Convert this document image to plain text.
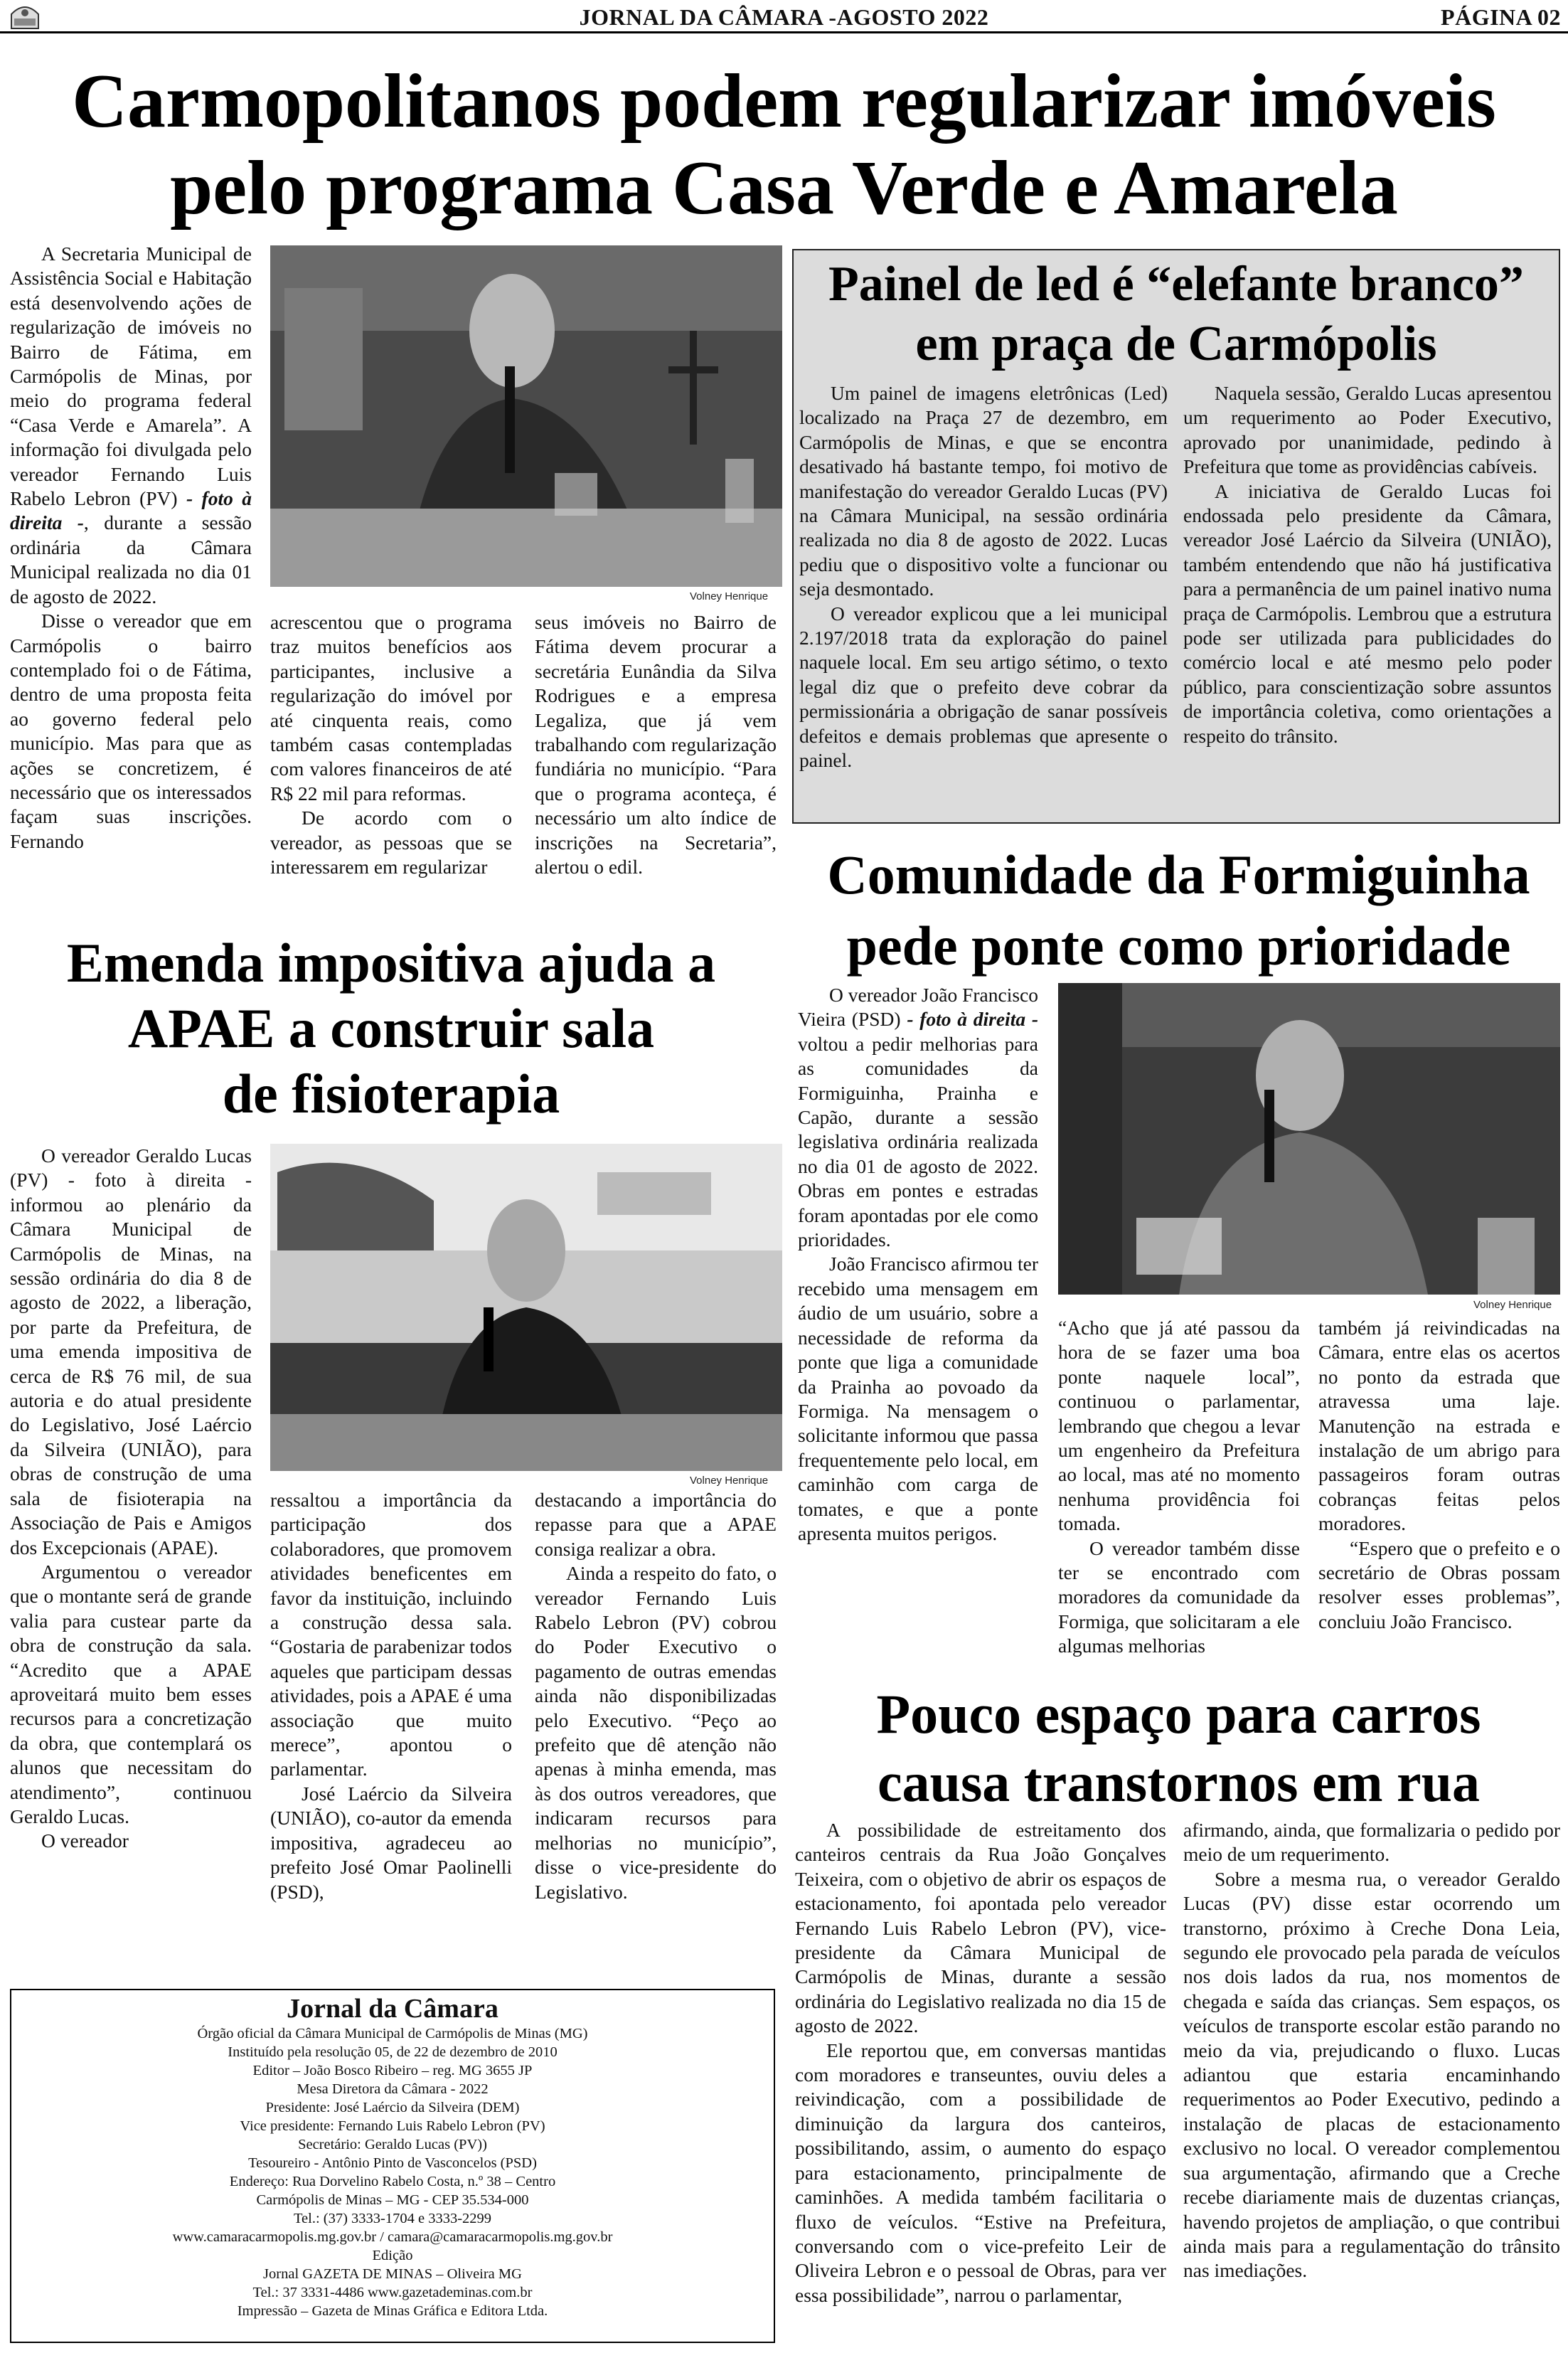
JORNAL DA CÂMARA -AGOSTO 2022	PÁGINA 02
Carmopolitanos podem regularizar imóveis
pelo programa Casa Verde e Amarela

A Secretaria Municipal de Assistência Social e Habitação está desenvolvendo ações de regularização de imóveis no Bairro de Fátima, em Carmópolis de Minas, por meio do programa federal “Casa Verde e Amarela”. A informação foi divulgada pelo vereador Fernando Luis Rabelo Lebron (PV) - foto à direita -, durante a sessão ordinária da Câmara Municipal realizada no dia 01 de agosto de 2022.

Disse o vereador que em Carmópolis o bairro contemplado foi o de Fátima, dentro de uma proposta feita ao governo federal pelo município. Mas para que as ações se concretizem, é necessário que os interessados façam suas inscrições. Fernando

Volney Henrique

acrescentou que o programa traz muitos benefícios aos participantes, inclusive a regularização do imóvel por até cinquenta reais, como também casas contempladas com valores financeiros de até R$ 22 mil para reformas.

De acordo com o vereador, as pessoas que se interessarem em regularizar

seus imóveis no Bairro de Fátima devem procurar a secretária Eunândia da Silva Rodrigues e a empresa Legaliza, que já vem trabalhando com regularização fundiária no município. “Para que o programa aconteça, é necessário um alto índice de inscrições na Secretaria”, alertou o edil.

Painel de led é “elefante branco”
em praça de Carmópolis

Um painel de imagens eletrônicas (Led) localizado na Praça 27 de dezembro, em Carmópolis de Minas, e que se encontra desativado há bastante tempo, foi motivo de manifestação do vereador Geraldo Lucas (PV) na Câmara Municipal, na sessão ordinária realizada no dia 8 de agosto de 2022. Lucas pediu que o dispositivo volte a funcionar ou seja desmontado.

O vereador explicou que a lei municipal 2.197/2018 trata da exploração do painel naquele local. Em seu artigo sétimo, o texto legal diz que o prefeito deve cobrar da permissionária a obrigação de sanar possíveis defeitos e demais problemas que apresente o painel.

Naquela sessão, Geraldo Lucas apresentou um requerimento ao Poder Executivo, aprovado por unanimidade, pedindo à Prefeitura que tome as providências cabíveis.

A iniciativa de Geraldo Lucas foi endossada pelo presidente da Câmara, vereador José Laércio da Silveira (UNIÃO), também entendendo que não há justificativa para a permanência de um painel inativo numa praça de Carmópolis. Lembrou que a estrutura pode ser utilizada para publicidades do comércio local e até mesmo pelo poder público, para conscientização sobre assuntos de importância coletiva, como orientações a respeito do trânsito.

Emenda impositiva ajuda a
APAE a construir sala
de fisioterapia

O vereador Geraldo Lucas (PV) - foto à direita - informou ao plenário da Câmara Municipal de Carmópolis de Minas, na sessão ordinária do dia 8 de agosto de 2022, a liberação, por parte da Prefeitura, de uma emenda impositiva de cerca de R$ 76 mil, de sua autoria e do atual presidente do Legislativo, José Laércio da Silveira (UNIÃO), para obras de construção de uma sala de fisioterapia na Associação de Pais e Amigos dos Excepcionais (APAE).

Argumentou o vereador que o montante será de grande valia para custear parte da obra de construção da sala. “Acredito que a APAE aproveitará muito bem esses recursos para a concretização da obra, que contemplará os alunos que necessitam do atendimento”, continuou Geraldo Lucas.

O vereador

Volney Henrique

ressaltou a importância da participação dos colaboradores, que promovem atividades beneficentes em favor da instituição, incluindo a construção dessa sala. “Gostaria de parabenizar todos aqueles que participam dessas atividades, pois a APAE é uma associação que muito merece”, apontou o parlamentar.

José Laércio da Silveira (UNIÃO), co-autor da emenda impositiva, agradeceu ao prefeito José Omar Paolinelli (PSD),

destacando a importância do repasse para que a APAE consiga realizar a obra.

Ainda a respeito do fato, o vereador Fernando Luis Rabelo Lebron (PV) cobrou do Poder Executivo o pagamento de outras emendas ainda não disponibilizadas pelo Executivo. “Peço ao prefeito que dê atenção não apenas à minha emenda, mas às dos outros vereadores, que indicaram recursos para melhorias no município”, disse o vice-presidente do Legislativo.

Comunidade da Formiguinha
pede ponte como prioridade

O vereador João Francisco Vieira (PSD) - foto à direita - voltou a pedir melhorias para as comunidades da Formiguinha, Prainha e Capão, durante a sessão legislativa ordinária realizada no dia 01 de agosto de 2022. Obras em pontes e estradas foram apontadas por ele como prioridades.

João Francisco afirmou ter recebido uma mensagem em áudio de um usuário, sobre a necessidade de reforma da ponte que liga a comunidade da Prainha ao povoado da Formiga. Na mensagem o solicitante informou que passa frequentemente pelo local, em caminhão com carga de tomates, e que a ponte apresenta muitos perigos.

Volney Henrique

“Acho que já até passou da hora de se fazer uma boa ponte naquele local”, continuou o parlamentar, lembrando que chegou a levar um engenheiro da Prefeitura ao local, mas até no momento nenhuma providência foi tomada.

O vereador também disse ter se encontrado com moradores da comunidade da Formiga, que solicitaram a ele algumas melhorias

também já reivindicadas na Câmara, entre elas os acertos no ponto da estrada que atravessa uma laje. Manutenção na estrada e instalação de um abrigo para passageiros foram outras cobranças feitas pelos moradores.

“Espero que o prefeito e o secretário de Obras possam resolver esses problemas”, concluiu João Francisco.

Pouco espaço para carros
causa transtornos em rua

A possibilidade de estreitamento dos canteiros centrais da Rua João Gonçalves Teixeira, com o objetivo de abrir os espaços de estacionamento, foi apontada pelo vereador Fernando Luis Rabelo Lebron (PV), vice-presidente da Câmara Municipal de Carmópolis de Minas, durante a sessão ordinária do Legislativo realizada no dia 15 de agosto de 2022.

Ele reportou que, em conversas mantidas com moradores e transeuntes, ouviu deles a reivindicação, com a possibilidade de diminuição da largura dos canteiros, possibilitando, assim, o aumento do espaço para estacionamento, principalmente de caminhões. A medida também facilitaria o fluxo de veículos. “Estive na Prefeitura, conversando com o vice-prefeito Leir de Oliveira Lebron e o pessoal de Obras, para ver essa possibilidade”, narrou o parlamentar,

afirmando, ainda, que formalizaria o pedido por meio de um requerimento.

Sobre a mesma rua, o vereador Geraldo Lucas (PV) disse estar ocorrendo um transtorno, próximo à Creche Dona Leia, segundo ele provocado pela parada de veículos nos dois lados da rua, nos momentos de chegada e saída das crianças. Sem espaços, os veículos de transporte escolar estão parando no meio da via, prejudicando o fluxo. Lucas adiantou que estaria encaminhando requerimentos ao Poder Executivo, pedindo a instalação de placas de estacionamento exclusivo no local. O vereador complementou sua argumentação, afirmando que a Creche recebe diariamente mais de duzentas crianças, havendo projetos de ampliação, o que contribui ainda mais para a regulamentação do trânsito nas imediações.

Jornal da Câmara
Órgão oficial da Câmara Municipal de Carmópolis de Minas (MG)
Instituído pela resolução 05, de 22 de dezembro de 2010
Editor – João Bosco Ribeiro – reg. MG 3655 JP
Mesa Diretora da Câmara - 2022
Presidente: José Laércio da Silveira (DEM)
Vice presidente: Fernando Luis Rabelo Lebron (PV)
Secretário: Geraldo Lucas (PV))
Tesoureiro - Antônio Pinto de Vasconcelos (PSD)
Endereço: Rua Dorvelino Rabelo Costa, n.º 38 – Centro
Carmópolis de Minas – MG - CEP 35.534-000
Tel.: (37) 3333-1704 e 3333-2299
www.camaracarmopolis.mg.gov.br / camara@camaracarmopolis.mg.gov.br
Edição
Jornal GAZETA DE MINAS – Oliveira MG
Tel.: 37 3331-4486 www.gazetademinas.com.br
Impressão – Gazeta de Minas Gráfica e Editora Ltda.
